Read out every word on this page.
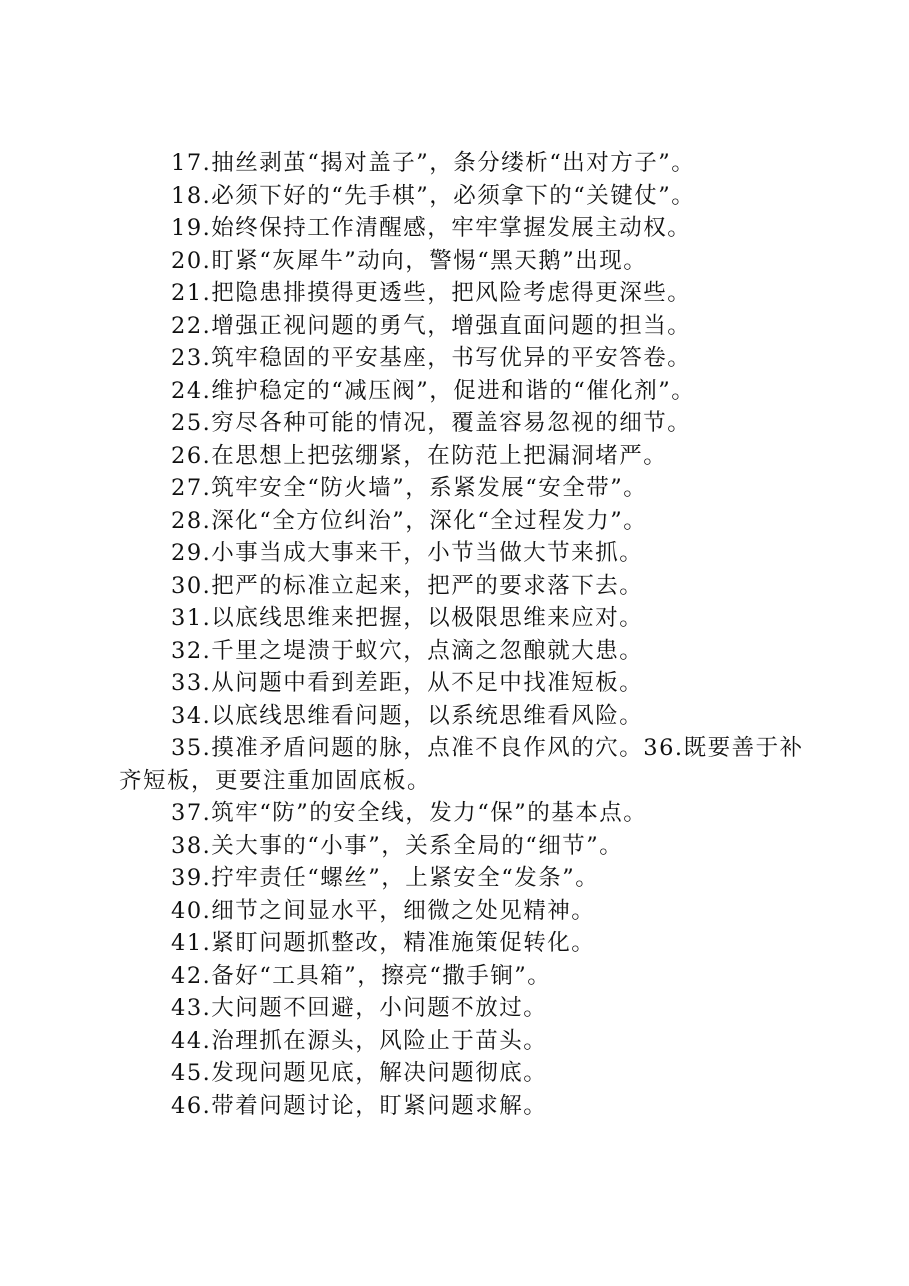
17.抽丝剥茧“揭对盖子”，条分缕析“出对方子”。
18.必须下好的“先手棋”，必须拿下的“关键仗”。
19.始终保持工作清醒感，牢牢掌握发展主动权。
20.盯紧“灰犀牛”动向，警惕“黑天鹅”出现。
21.把隐患排摸得更透些，把风险考虑得更深些。
22.增强正视问题的勇气，增强直面问题的担当。
23.筑牢稳固的平安基座，书写优异的平安答卷。
24.维护稳定的“减压阀”，促进和谐的“催化剂”。
25.穷尽各种可能的情况，覆盖容易忽视的细节。
26.在思想上把弦绷紧，在防范上把漏洞堵严。
27.筑牢安全“防火墙”，系紧发展“安全带”。
28.深化“全方位纠治”，深化“全过程发力”。
29.小事当成大事来干，小节当做大节来抓。
30.把严的标准立起来，把严的要求落下去。
31.以底线思维来把握，以极限思维来应对。
32.千里之堤溃于蚁穴，点滴之忽酿就大患。
33.从问题中看到差距，从不足中找准短板。
34.以底线思维看问题，以系统思维看风险。
35.摸准矛盾问题的脉，点准不良作风的穴。36.既要善于补
齐短板，更要注重加固底板。
37.筑牢“防”的安全线，发力“保”的基本点。
38.关大事的“小事”，关系全局的“细节”。
39.拧牢责任“螺丝”，上紧安全“发条”。
40.细节之间显水平，细微之处见精神。
41.紧盯问题抓整改，精准施策促转化。
42.备好“工具箱”，擦亮“撒手锏”。
43.大问题不回避，小问题不放过。
44.治理抓在源头，风险止于苗头。
45.发现问题见底，解决问题彻底。
46.带着问题讨论，盯紧问题求解。
